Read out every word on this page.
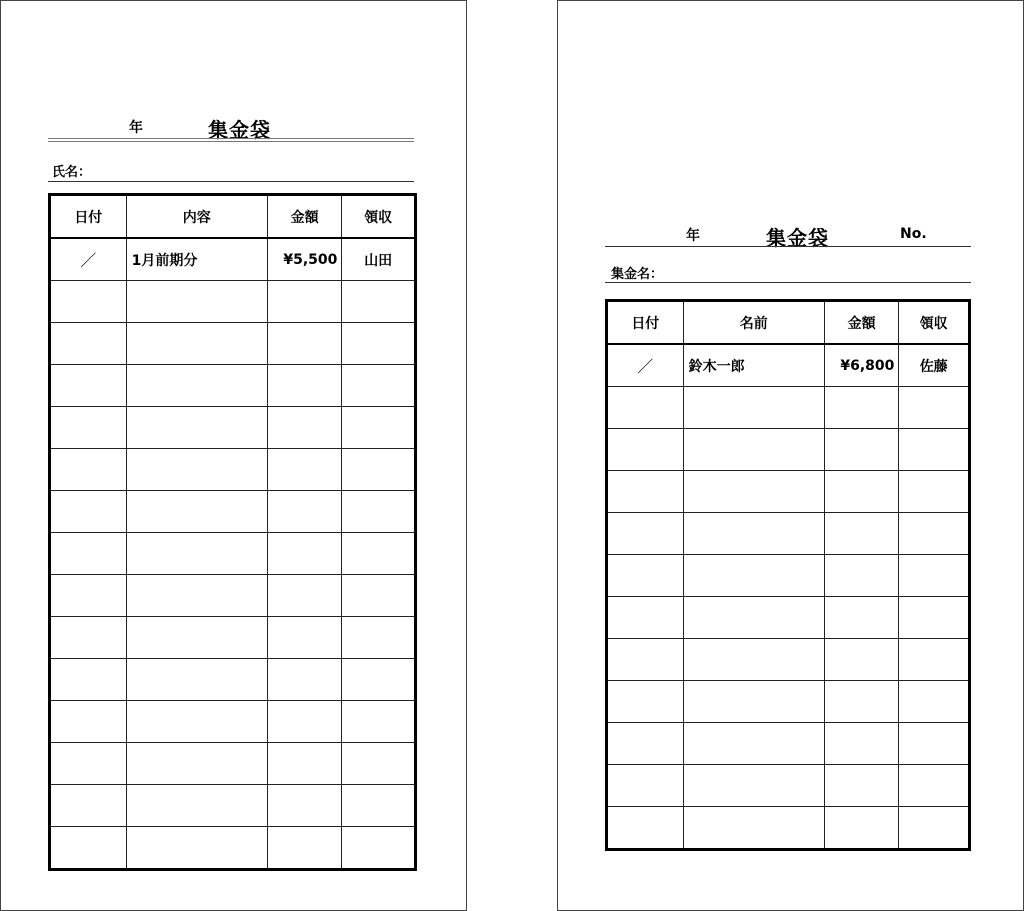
年	集金袋
氏名：
日付	内容	金額	領収
／	1月前期分	¥5,500	山田

年	集金袋	No.
集金名：
日付	名前	金額	領収
／	鈴木一郎	¥6,800	佐藤
